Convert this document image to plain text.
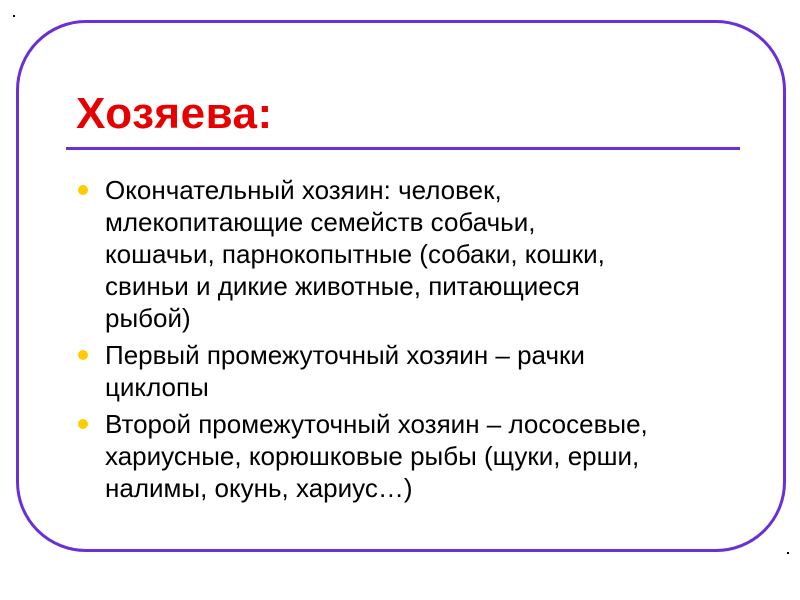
Хозяева:
Окончательный хозяин: человек,
млекопитающие семейств собачьи,
кошачьи, парнокопытные (собаки, кошки,
свиньи и дикие животные, питающиеся
рыбой)
Первый промежуточный хозяин – рачки
циклопы
Второй промежуточный хозяин – лососевые,
хариусные, корюшковые рыбы (щуки, ерши,
налимы, окунь, хариус…)
